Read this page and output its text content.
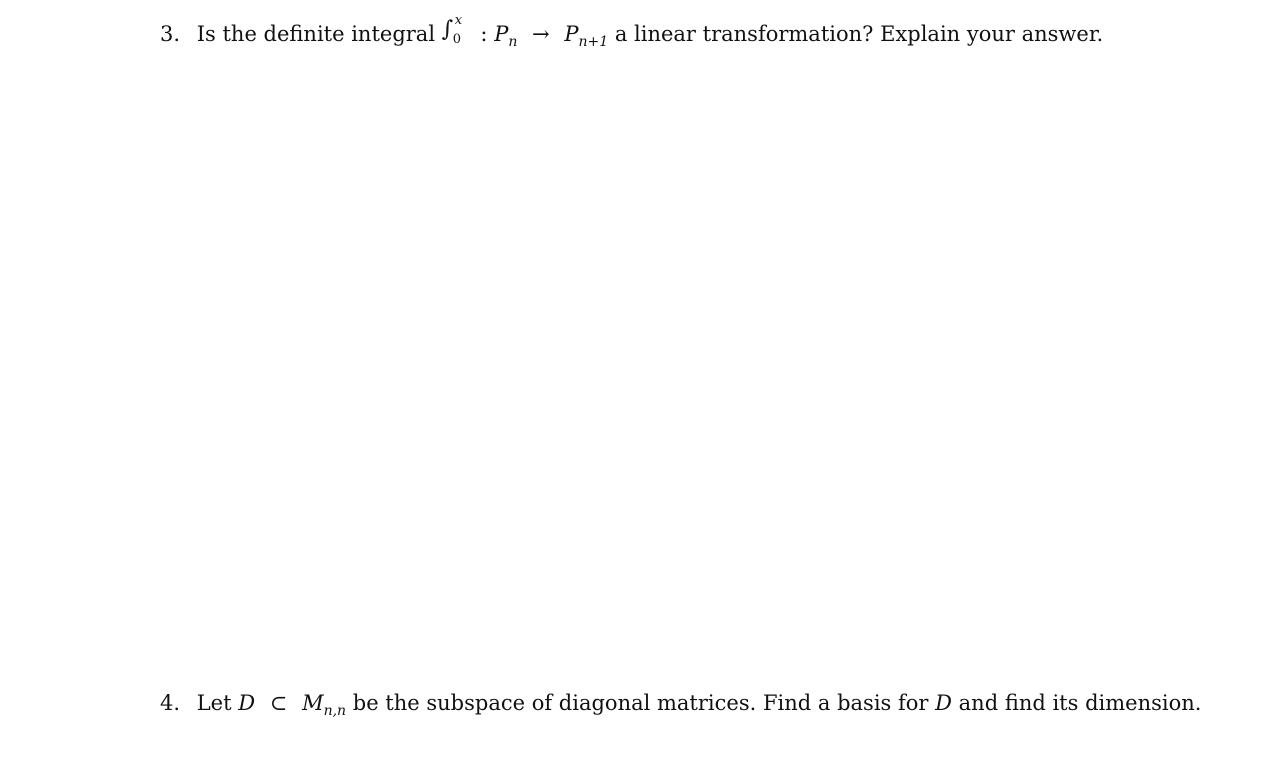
3. Is the definite integral ∫ x
0 : $P_n \to P_{n+1}$ a linear transformation? Explain your answer.
4. Let D ⊂ $M_{n,n}$ be the subspace of diagonal matrices. Find a basis for D and find its dimension.
